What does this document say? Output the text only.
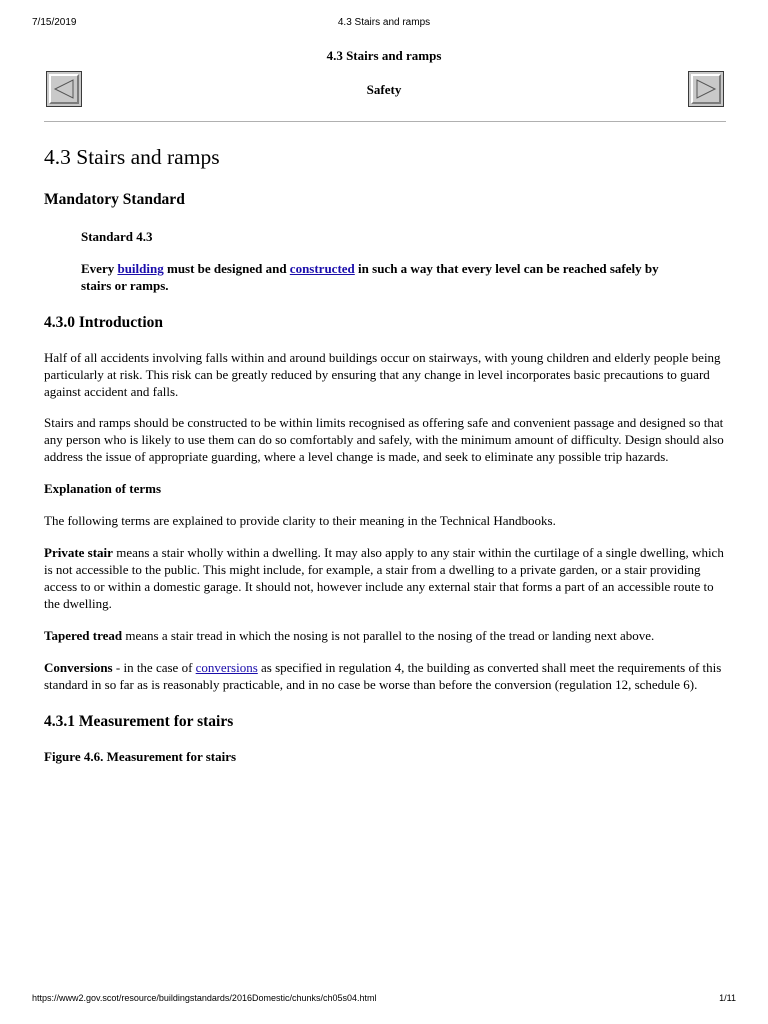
7/15/2019	4.3 Stairs and ramps
4.3 Stairs and ramps
Safety
4.3 Stairs and ramps
Mandatory Standard

Standard 4.3

Every building must be designed and constructed in such a way that every level can be reached safely by stairs or ramps.

4.3.0 Introduction

Half of all accidents involving falls within and around buildings occur on stairways, with young children and elderly people being particularly at risk. This risk can be greatly reduced by ensuring that any change in level incorporates basic precautions to guard against accident and falls.

Stairs and ramps should be constructed to be within limits recognised as offering safe and convenient passage and designed so that any person who is likely to use them can do so comfortably and safely, with the minimum amount of difficulty. Design should also address the issue of appropriate guarding, where a level change is made, and seek to eliminate any possible trip hazards.

Explanation of terms

The following terms are explained to provide clarity to their meaning in the Technical Handbooks.

Private stair means a stair wholly within a dwelling. It may also apply to any stair within the curtilage of a single dwelling, which is not accessible to the public. This might include, for example, a stair from a dwelling to a private garden, or a stair providing access to or within a domestic garage. It should not, however include any external stair that forms a part of an accessible route to the dwelling.

Tapered tread means a stair tread in which the nosing is not parallel to the nosing of the tread or landing next above.

Conversions - in the case of conversions as specified in regulation 4, the building as converted shall meet the requirements of this standard in so far as is reasonably practicable, and in no case be worse than before the conversion (regulation 12, schedule 6).

4.3.1 Measurement for stairs

Figure 4.6. Measurement for stairs

https://www2.gov.scot/resource/buildingstandards/2016Domestic/chunks/ch05s04.html	1/11
